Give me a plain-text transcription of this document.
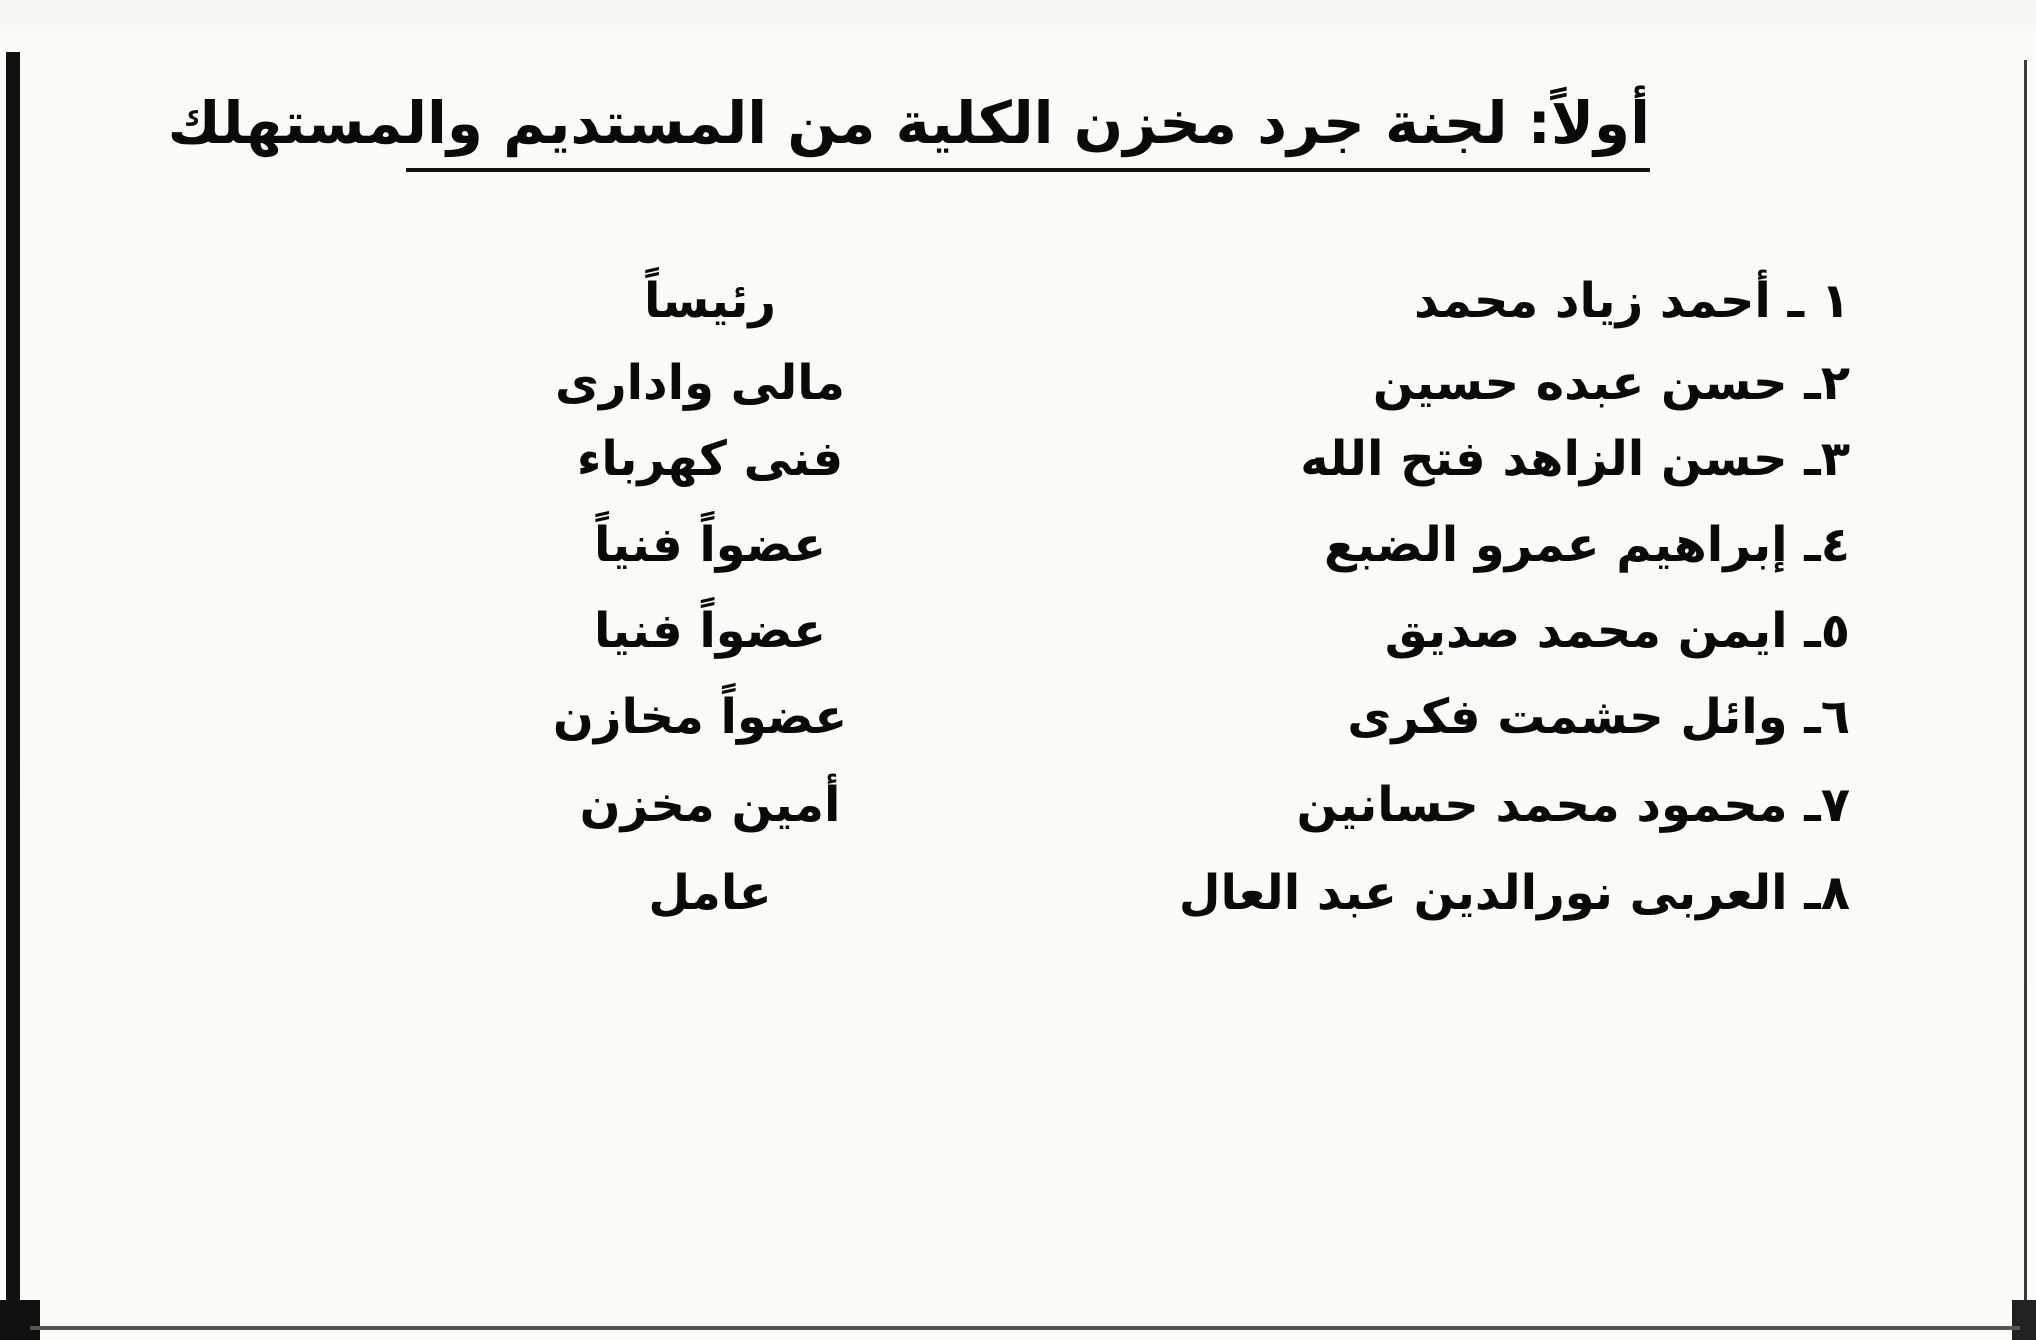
أولاً: لجنة جرد مخزن الكلية من المستديم والمستهلك
١ ـ أحمد زياد محمد
رئيساً
٢ـ حسن عبده حسين
مالى وادارى
٣ـ حسن الزاهد فتح الله
فنى كهرباء
٤ـ إبراهيم عمرو الضبع
عضواً فنياً
٥ـ ايمن محمد صديق
عضواً فنيا
٦ـ وائل حشمت فكرى
عضواً مخازن
٧ـ محمود محمد حسانين
أمين مخزن
٨ـ العربى نورالدين عبد العال
عامل
